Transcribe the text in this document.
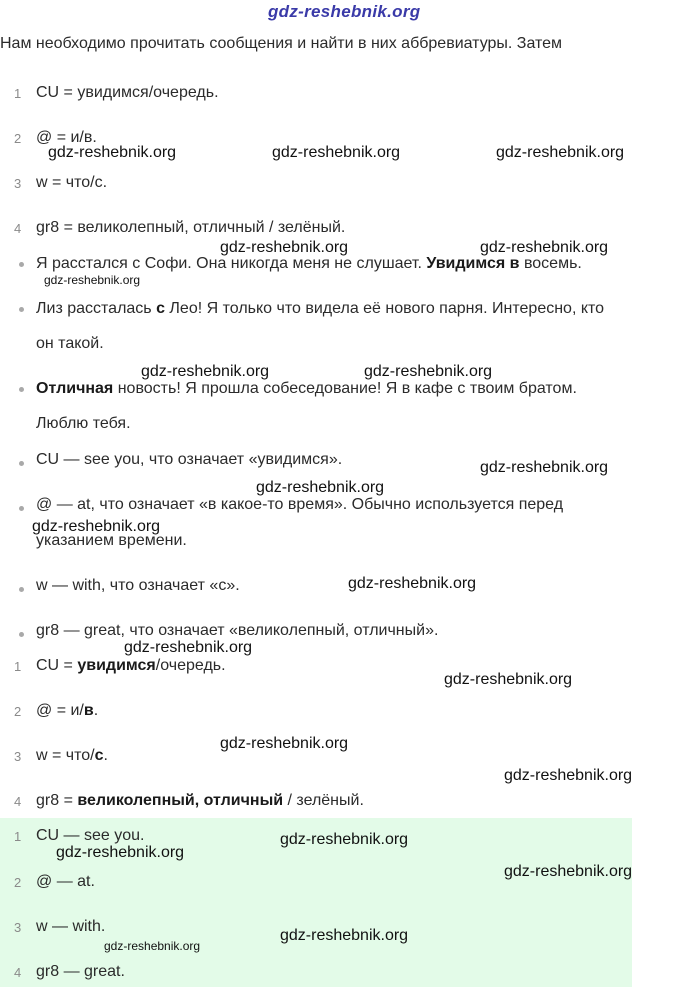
gdz-reshebnik.org
Нам необходимо прочитать сообщения и найти в них аббревиатуры. Затем
1 CU = увидимся/очередь.
2 @ = и/в.
3 w = что/с.
4 gr8 = великолепный, отличный / зелёный.
Я расстался с Софи. Она никогда меня не слушает. Увидимся в восемь.
Лиз рассталась с Лео! Я только что видела её нового парня. Интересно, кто
он такой.
Отличная новость! Я прошла собеседование! Я в кафе с твоим братом.
Люблю тебя.
CU — see you, что означает «увидимся».
@ — at, что означает «в какое-то время». Обычно используется перед
указанием времени.
w — with, что означает «с».
gr8 — great, что означает «великолепный, отличный».
1 CU = увидимся/очередь.
2 @ = и/в.
3 w = что/с.
4 gr8 = великолепный, отличный / зелёный.
1 CU — see you.
2 @ — at.
3 w — with.
4 gr8 — great.
gdz-reshebnik.org	gdz-reshebnik.org	gdz-reshebnik.org
gdz-reshebnik.org	gdz-reshebnik.org
gdz-reshebnik.org
gdz-reshebnik.org	gdz-reshebnik.org
gdz-reshebnik.org
gdz-reshebnik.org
gdz-reshebnik.org
gdz-reshebnik.org
gdz-reshebnik.org
gdz-reshebnik.org
gdz-reshebnik.org
gdz-reshebnik.org
gdz-reshebnik.org
gdz-reshebnik.org
gdz-reshebnik.org
gdz-reshebnik.org
gdz-reshebnik.org
